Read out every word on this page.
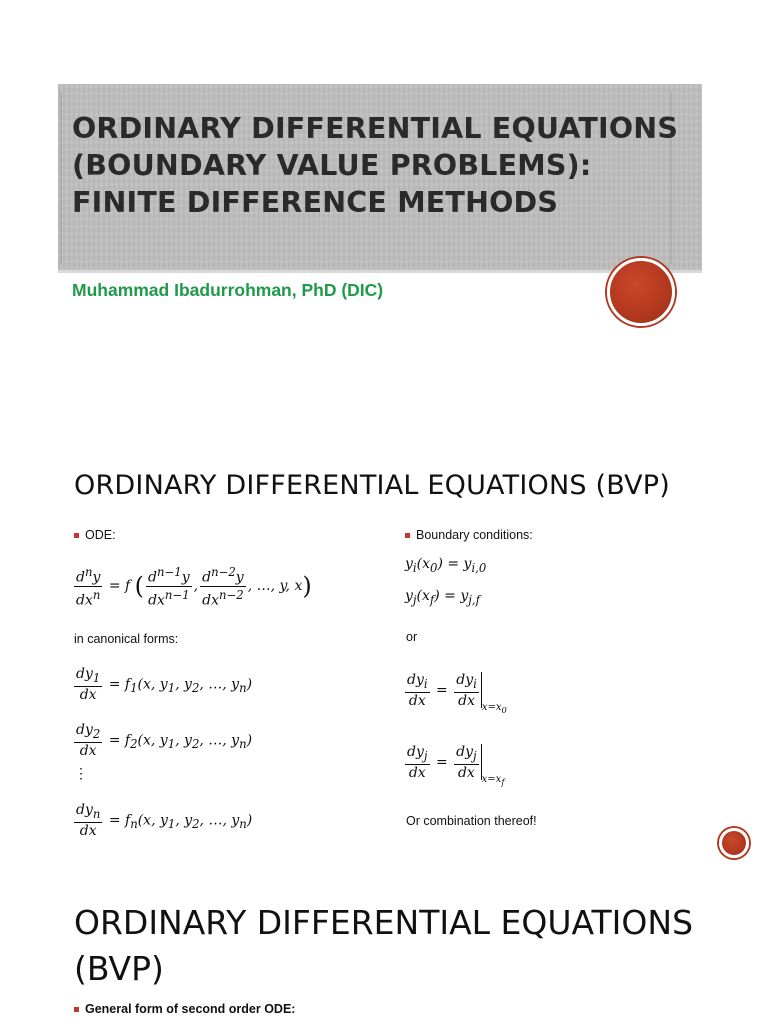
ORDINARY DIFFERENTIAL EQUATIONS (BOUNDARY VALUE PROBLEMS): FINITE DIFFERENCE METHODS
Muhammad Ibadurrohman, PhD (DIC)
ORDINARY DIFFERENTIAL EQUATIONS (BVP)
ODE:
$\frac{d^ny}{dx^n} = f$ ( $\frac{d^{n-1}y}{dx^{n-1}}$ , $\frac{d^{n-2}y}{dx^{n-2}}$ , …, y, x)
in canonical forms:
$\frac{dy_1}{dx} = f_1(x$, $y_1$, $y_2$, …, $y_n$)
$\frac{dy_2}{dx} = f_2(x$, $y_1$, $y_2$, …, $y_n$)
⋮
$\frac{dy_n}{dx} = f_n(x$, $y_1$, $y_2$, …, $y_n$)
Boundary conditions:
$y_i(x_0) = y_{i,0}$
$y_j(x_f) = y_{j,f}$
or
$\frac{dy_i}{dx} = \frac{dy_i}{dx} _{x=x_0}$
$\frac{dy_j}{dx} = \frac{dy_j}{dx} _{x=x_f}$
Or combination thereof!
ORDINARY DIFFERENTIAL EQUATIONS (BVP)
General form of second order ODE:
